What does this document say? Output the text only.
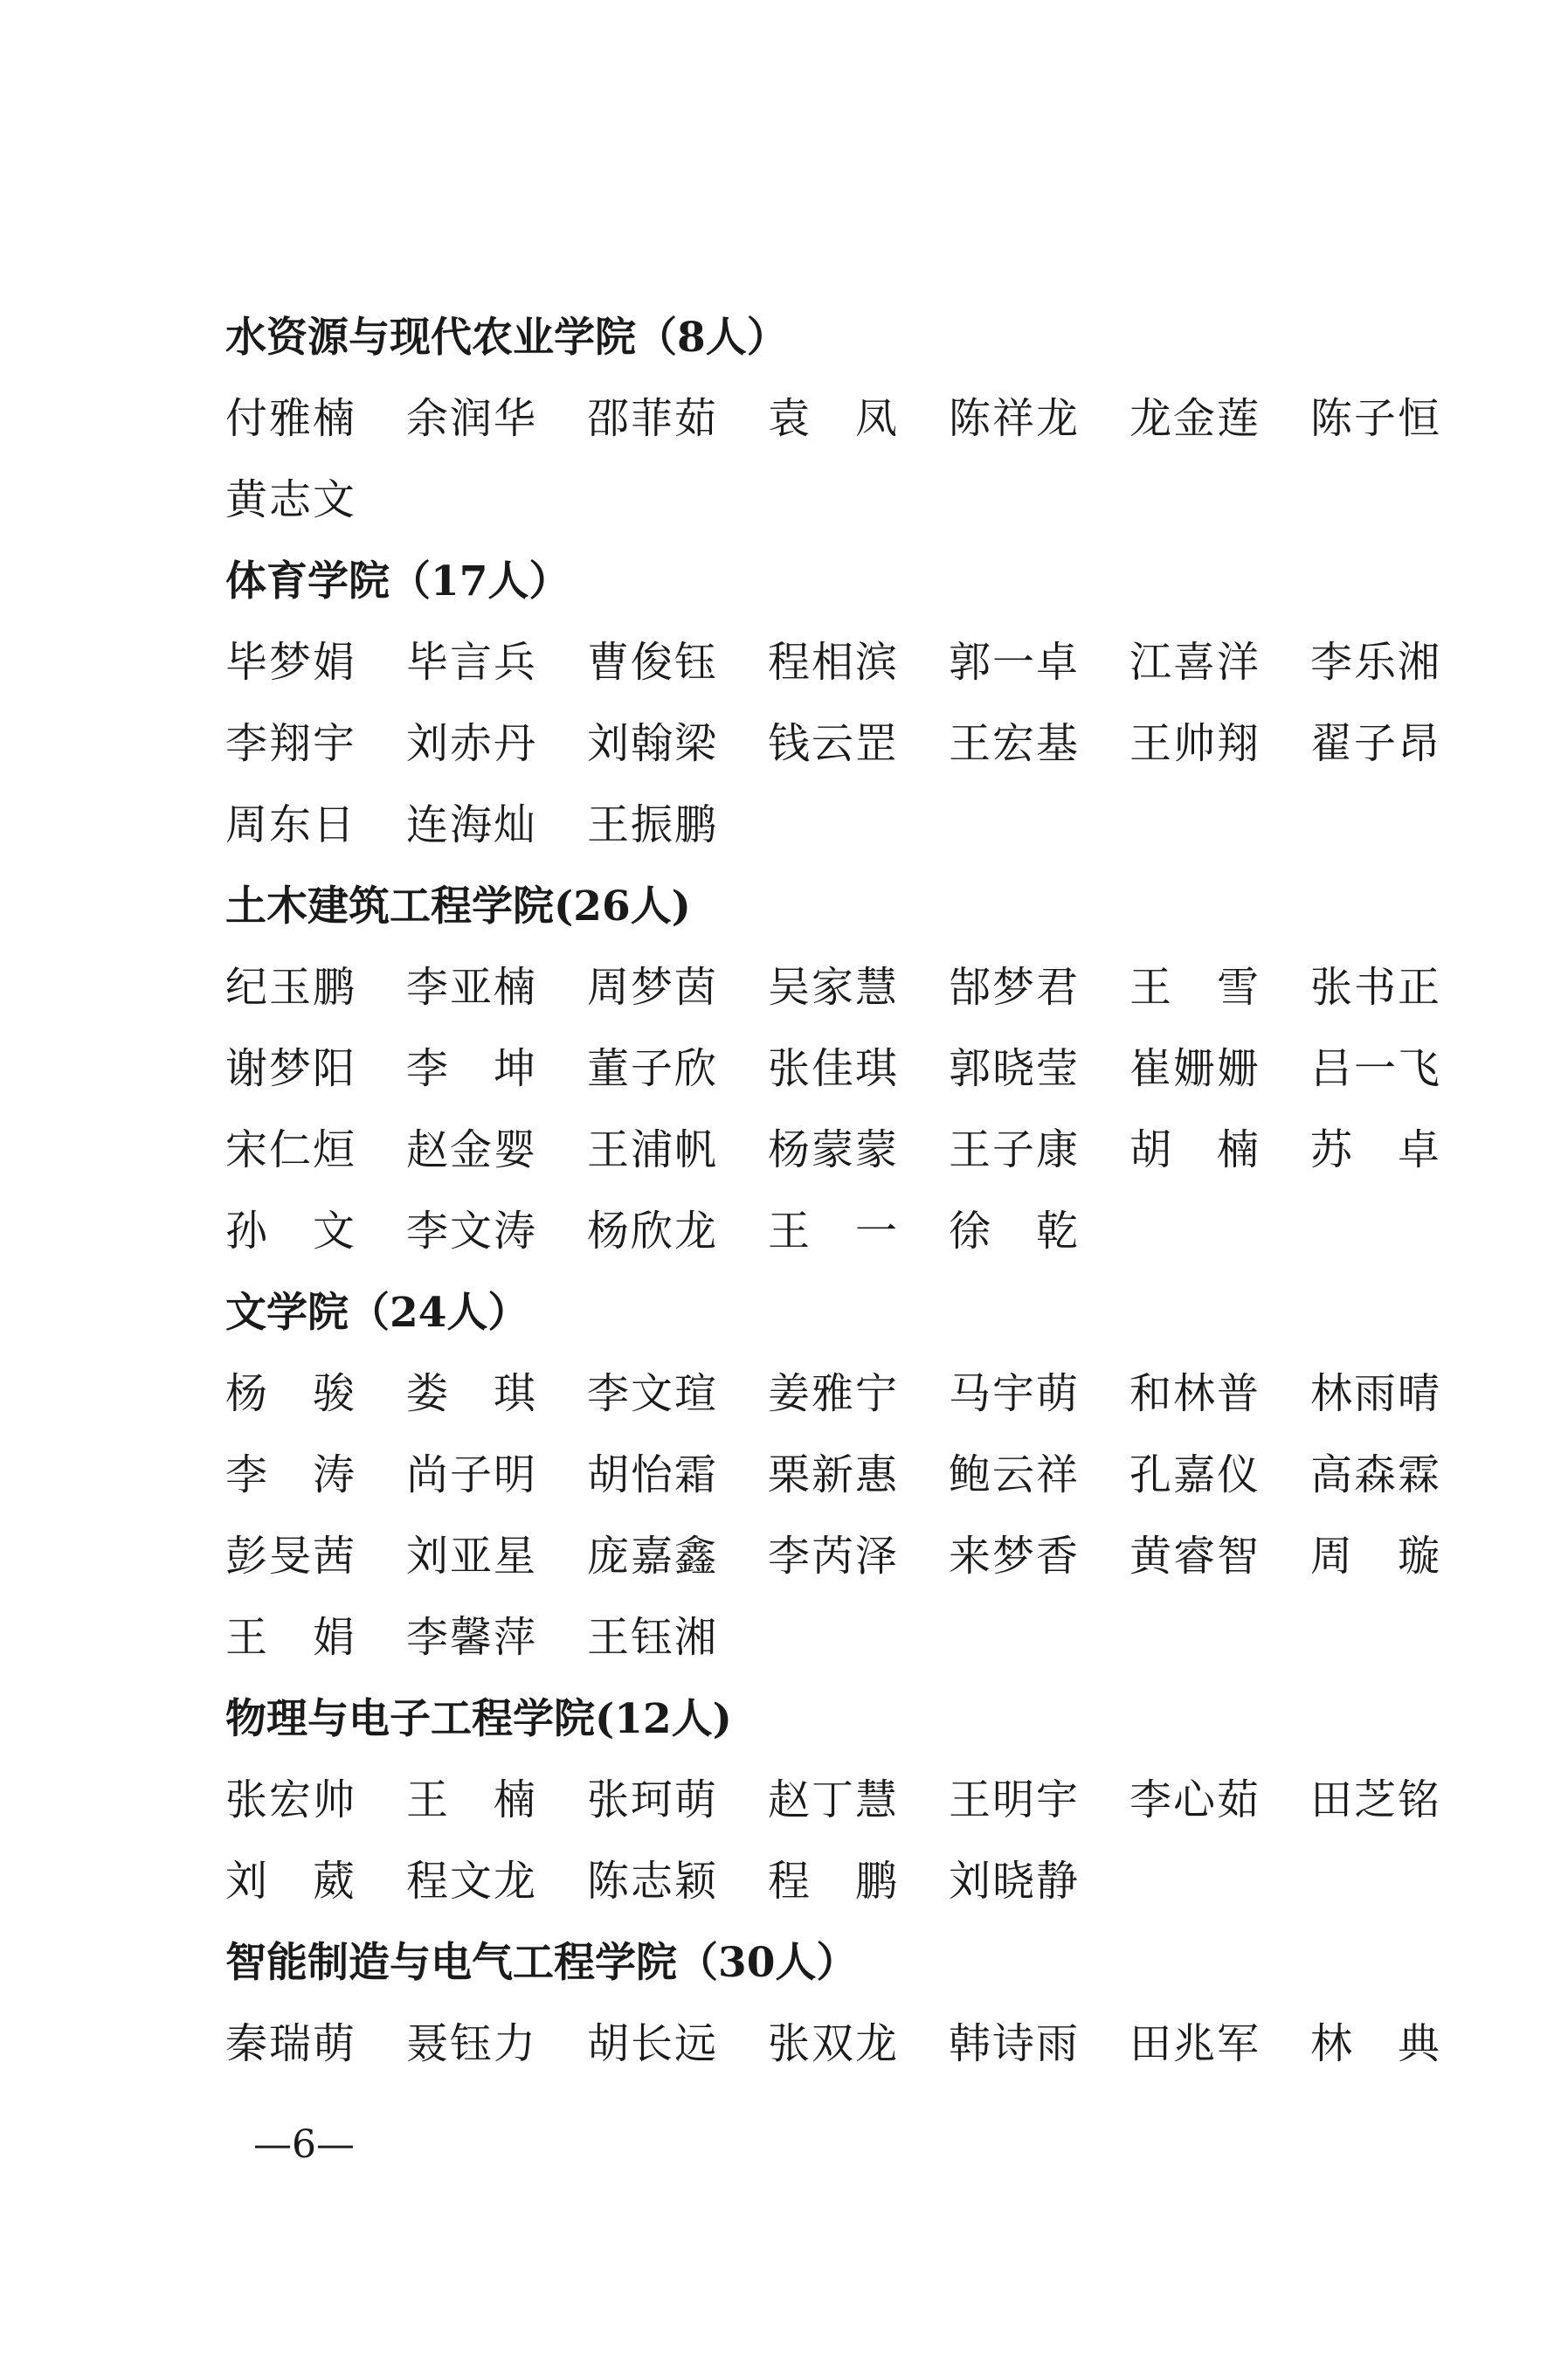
水资源与现代农业学院（8人）
付 雅 楠 余 润 华 邵 菲 茹 袁 凤 陈 祥 龙 龙 金 莲 陈 子 恒
黄 志 文
体育学院（17人）
毕 梦 娟 毕 言 兵 曹 俊 钰 程 相 滨 郭 一 卓 江 喜 洋 李 乐 湘
李 翔 宇 刘 赤 丹 刘 翰 梁 钱 云 罡 王 宏 基 王 帅 翔 翟 子 昂
周 东 日 连 海 灿 王 振 鹏
土木建筑工程学院(26人)
纪 玉 鹏 李 亚 楠 周 梦 茵 吴 家 慧 郜 梦 君 王 雪 张 书 正
谢 梦 阳 李 坤 董 子 欣 张 佳 琪 郭 晓 莹 崔 姗 姗 吕 一 飞
宋 仁 烜 赵 金 婴 王 浦 帆 杨 蒙 蒙 王 子 康 胡 楠 苏 卓
孙 文 李 文 涛 杨 欣 龙 王 一 徐 乾
文学院（24人）
杨 骏 娄 琪 李 文 瑄 姜 雅 宁 马 宇 萌 和 林 普 林 雨 晴
李 涛 尚 子 明 胡 怡 霜 栗 新 惠 鲍 云 祥 孔 嘉 仪 高 森 霖
彭 旻 茜 刘 亚 星 庞 嘉 鑫 李 芮 泽 来 梦 香 黄 睿 智 周 璇
王 娟 李 馨 萍 王 钰 湘
物理与电子工程学院(12人)
张 宏 帅 王 楠 张 珂 萌 赵 丁 慧 王 明 宇 李 心 茹 田 芝 铭
刘 葳 程 文 龙 陈 志 颖 程 鹏 刘 晓 静
智能制造与电气工程学院（30人）
秦 瑞 萌 聂 钰 力 胡 长 远 张 双 龙 韩 诗 雨 田 兆 军 林 典
—6—
